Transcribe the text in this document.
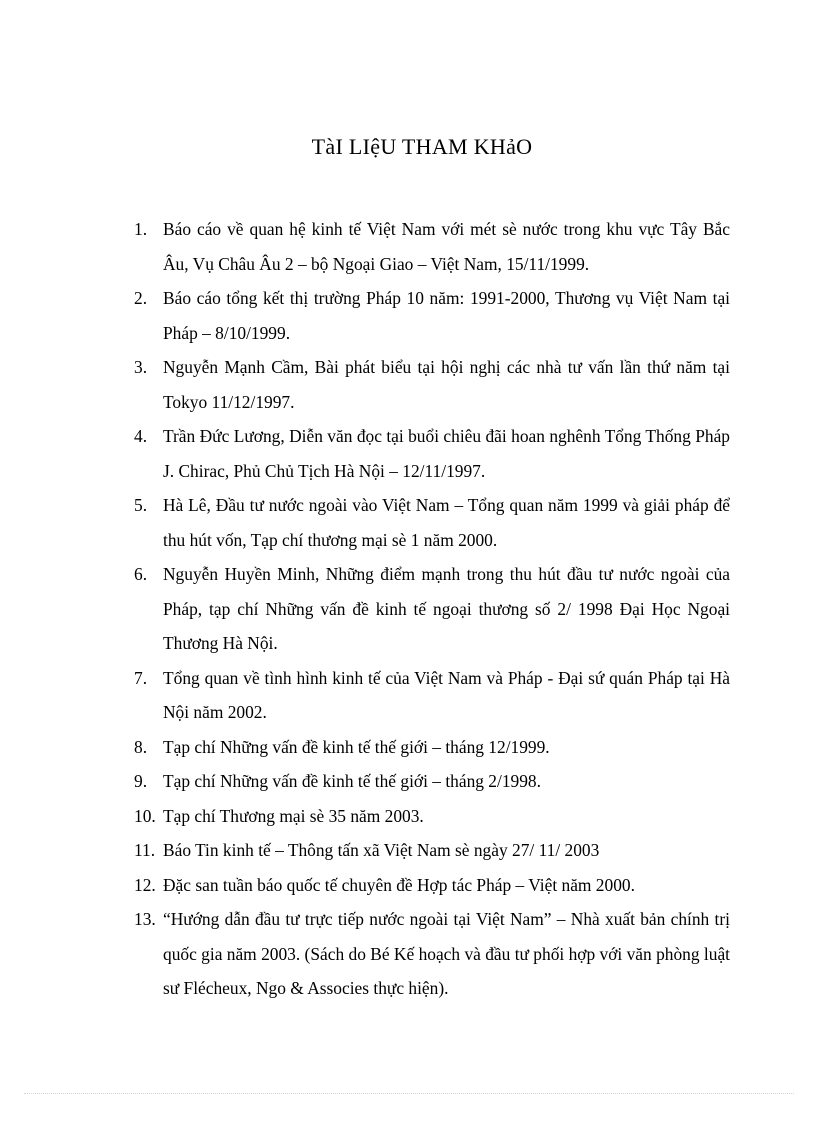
TàI LIệU THAM KHảO
1. Báo cáo về quan hệ kinh tế Việt Nam với mét sè nước trong khu vực Tây Bắc Âu, Vụ Châu Âu 2 – bộ Ngoại Giao – Việt Nam, 15/11/1999.
2. Báo cáo tổng kết thị trường Pháp 10 năm: 1991-2000, Thương vụ Việt Nam tại Pháp – 8/10/1999.
3. Nguyễn Mạnh Cầm, Bài phát biểu tại hội nghị các nhà tư vấn lần thứ năm tại Tokyo 11/12/1997.
4. Trần Đức Lương, Diễn văn đọc tại buổi chiêu đãi hoan nghênh Tổng Thống Pháp J. Chirac, Phủ Chủ Tịch Hà Nội – 12/11/1997.
5. Hà Lê, Đầu tư nước ngoài vào Việt Nam – Tổng quan năm 1999 và giải pháp để thu hút vốn, Tạp chí thương mại sè 1 năm 2000.
6. Nguyễn Huyền Minh, Những điểm mạnh trong thu hút đầu tư nước ngoài của Pháp, tạp chí Những vấn đề kinh tế ngoại thương số 2/ 1998 Đại Học Ngoại Thương Hà Nội.
7. Tổng quan về tình hình kinh tế của Việt Nam và Pháp - Đại sứ quán Pháp tại Hà Nội năm 2002.
8. Tạp chí Những vấn đề kinh tế thế giới – tháng 12/1999.
9. Tạp chí Những vấn đề kinh tế thế giới – tháng 2/1998.
10. Tạp chí Thương mại sè 35 năm 2003.
11. Báo Tin kinh tế – Thông tấn xã Việt Nam sè ngày 27/ 11/ 2003
12. Đặc san tuần báo quốc tế chuyên đề Hợp tác Pháp – Việt năm 2000.
13. “Hướng dẫn đầu tư trực tiếp nước ngoài tại Việt Nam” – Nhà xuất bản chính trị quốc gia năm 2003. (Sách do Bé Kế hoạch và đầu tư phối hợp với văn phòng luật sư Flécheux, Ngo & Associes thực hiện).
